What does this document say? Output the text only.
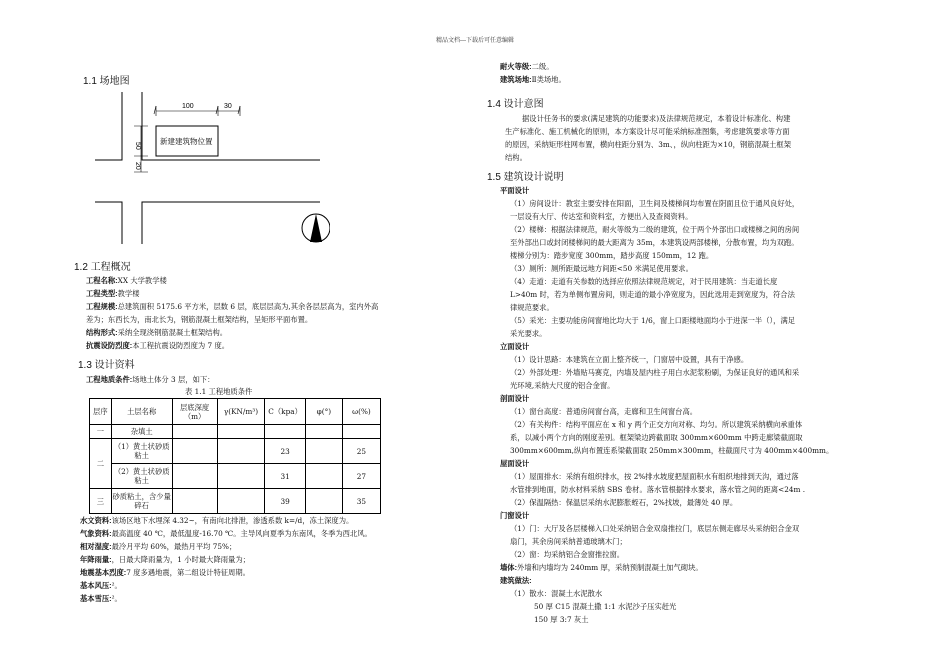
精品文档---下载后可任意编辑
1.1 场地图
100	30
50
20
新建建筑物位置
1.2 工程概况
工程名称:XX 大学教学楼
工程类型:教学楼
工程规模:总建筑面积 5175.6 平方米，层数 6 层，底层层高为,其余各层层高为，室内外高
差为；东西长为，南北长为，钢筋混凝土框架结构，呈矩形平面布置。
结构形式:采纳全现浇钢筋混凝土框架结构。
抗震设防烈度:本工程抗震设防烈度为 7 度。
1.3 设计资料
工程地质条件:场地土体分 3 层，如下：
表 1.1 工程地质条件
层序	土层名称	层底深度（m）	γ(KN/m³)	C（kpa）	φ(°)	ω(%)
一	杂填土					
二	（1）黄土状砂质粘土			23		25
	（2）黄土状砂质粘土			31		27
三	砂质粘土，含少量碎石			39		35
水文资料:该场区地下水埋深 4.32~，有南向北排泄，渗透系数 k=/d，冻土深度为。
气象资料:最高温度 40 ℃，最低温度-16.70 ℃。主导风向夏季为东南风，冬季为西北风。
相对湿度:最冷月平均 60%，最热月平均 75%；
年降雨量:，日最大降雨量为，1 小时最大降雨量为；
地震基本烈度:7 度多遇地震，第二组设计特征周期。
基本风压:²。
基本雪压:²。
耐火等级:二级。
建筑场地:Ⅱ类场地。
1.4 设计意图
据设计任务书的要求(满足建筑的功能要求)及法律规范规定，本着设计标准化、构建
生产标准化、施工机械化的原则，本方案设计尽可能采纳标准图集，考虑建筑要求等方面
的原因，采纳矩形柱网布置，横向柱距分别为、3m、，纵向柱距为×10，钢筋混凝土框架
结构。
1.5 建筑设计说明
平面设计
（1）房间设计：教室主要安排在阳面，卫生间及楼梯间均布置在阴面且位于通风良好处，
一层设有大厅、传达室和资料室，方便出入及查阅资料。
（2）楼梯：根据法律规范，耐火等级为二级的建筑，位于两个外部出口或楼梯之间的房间
至外部出口或封闭楼梯间的最大距离为 35m，本建筑设两部楼梯，分散布置，均为双跑。
楼梯分别为：踏步宽度 300mm，踏步高度 150mm，12 跑。
（3）厕所：厕所距最远地方间距<50 米满足使用要求。
（4）走道：走道有关参数的选择应依照法律规范规定，对于民用建筑：当走道长度
L>40m 时，若为单侧布置房间，则走道的最小净宽度为，因此选用走到宽度为，符合法
律规范要求。
（5）采光：主要功能房间窗地比均大于 1/6，窗上口距楼地面均小于进深一半（），满足
采光要求。
立面设计
（1）设计思路：本建筑在立面上整齐统一，门窗居中设置，具有于净感。
（2）外部处理：外墙贴马赛克，内墙及屋内柱子用白水泥浆粉刷，为保证良好的通风和采
光环境,采纳大尺度的铝合金窗。
剖面设计
（1）窗台高度：普通房间窗台高，走廊和卫生间窗台高。
（2）有关构件：结构平面应在 x 和 y 两个正交方向对称、均匀。所以建筑采纳横向承重体
系，以减小两个方向的刚度差别。框架梁边跨截面取 300mm×600mm 中跨走廊梁截面取
300mm×600mm,纵向布置连系梁截面取 250mm×300mm，柱截面尺寸为 400mm×400mm。
屋面设计
（1）屋面排水：采纳有组织排水，按 2%排水坡度把屋面积水有组织地排到天沟，通过落
水管排到地面，防水材料采纳 SBS 卷材。落水管根据排水要求，落水管之间的距离<24m .
（2）保温隔热：保温层采纳水泥膨胀蛭石，2%找坡，最薄处 40 厚。
门窗设计
（1）门：大厅及各层楼梯入口处采纳铝合金双扇推拉门，底层东侧走廊尽头采纳铝合金双
扇门，其余房间采纳普通玻璃木门；
（2）窗：均采纳铝合金窗推拉窗。
墙体:外墙和内墙均为 240mm 厚，采纳预制混凝土加气砌块。
建筑做法:
（1）散水：混凝土水泥散水
50 厚 C15 混凝土撒 1:1 水泥沙子压实赶光
150 厚 3:7 灰土
